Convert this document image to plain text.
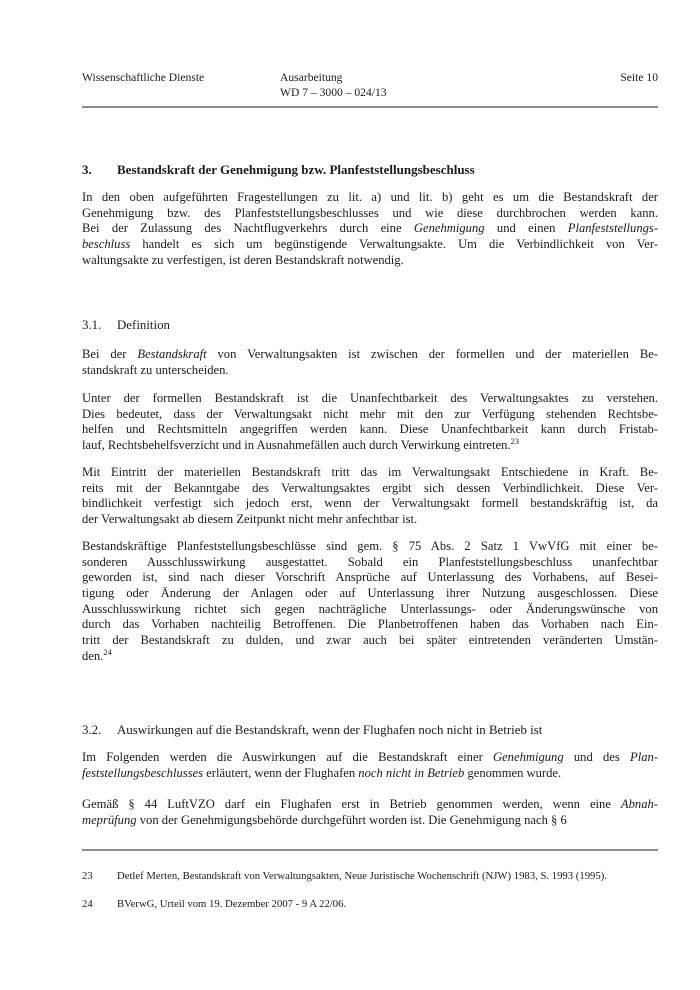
Wissenschaftliche Dienste	Ausarbeitung
WD 7 – 3000 – 024/13
Seite 10
3. Bestandskraft der Genehmigung bzw. Planfeststellungsbeschluss
In den oben aufgeführten Fragestellungen zu lit. a) und lit. b) geht es um die Bestandskraft der
Genehmigung bzw. des Planfeststellungsbeschlusses und wie diese durchbrochen werden kann.
Bei der Zulassung des Nachtflugverkehrs durch eine Genehmigung und einen Planfeststellungs-
beschluss handelt es sich um begünstigende Verwaltungsakte. Um die Verbindlichkeit von Ver-
waltungsakte zu verfestigen, ist deren Bestandskraft notwendig.
3.1. Definition
Bei der Bestandskraft von Verwaltungsakten ist zwischen der formellen und der materiellen Be-
standskraft zu unterscheiden.
Unter der formellen Bestandskraft ist die Unanfechtbarkeit des Verwaltungsaktes zu verstehen.
Dies bedeutet, dass der Verwaltungsakt nicht mehr mit den zur Verfügung stehenden Rechtsbe-
helfen und Rechtsmitteln angegriffen werden kann. Diese Unanfechtbarkeit kann durch Fristab-
lauf, Rechtsbehelfsverzicht und in Ausnahmefällen auch durch Verwirkung eintreten.$^{23}$
Mit Eintritt der materiellen Bestandskraft tritt das im Verwaltungsakt Entschiedene in Kraft. Be-
reits mit der Bekanntgabe des Verwaltungsaktes ergibt sich dessen Verbindlichkeit. Diese Ver-
bindlichkeit verfestigt sich jedoch erst, wenn der Verwaltungsakt formell bestandskräftig ist, da
der Verwaltungsakt ab diesem Zeitpunkt nicht mehr anfechtbar ist.
Bestandskräftige Planfeststellungsbeschlüsse sind gem. § 75 Abs. 2 Satz 1 VwVfG mit einer be-
sonderen Ausschlusswirkung ausgestattet. Sobald ein Planfeststellungsbeschluss unanfechtbar
geworden ist, sind nach dieser Vorschrift Ansprüche auf Unterlassung des Vorhabens, auf Besei-
tigung oder Änderung der Anlagen oder auf Unterlassung ihrer Nutzung ausgeschlossen. Diese
Ausschlusswirkung richtet sich gegen nachträgliche Unterlassungs- oder Änderungswünsche von
durch das Vorhaben nachteilig Betroffenen. Die Planbetroffenen haben das Vorhaben nach Ein-
tritt der Bestandskraft zu dulden, und zwar auch bei später eintretenden veränderten Umstän-
den.$^{24}$
3.2. Auswirkungen auf die Bestandskraft, wenn der Flughafen noch nicht in Betrieb ist
Im Folgenden werden die Auswirkungen auf die Bestandskraft einer Genehmigung und des Plan-
feststellungsbeschlusses erläutert, wenn der Flughafen noch nicht in Betrieb genommen wurde.
Gemäß § 44 LuftVZO darf ein Flughafen erst in Betrieb genommen werden, wenn eine Abnah-
meprüfung von der Genehmigungsbehörde durchgeführt worden ist. Die Genehmigung nach § 6
23 Detlef Merten, Bestandskraft von Verwaltungsakten, Neue Juristische Wochenschrift (NJW) 1983, S. 1993 (1995).
24 BVerwG, Urteil vom 19. Dezember 2007 - 9 A 22/06.
